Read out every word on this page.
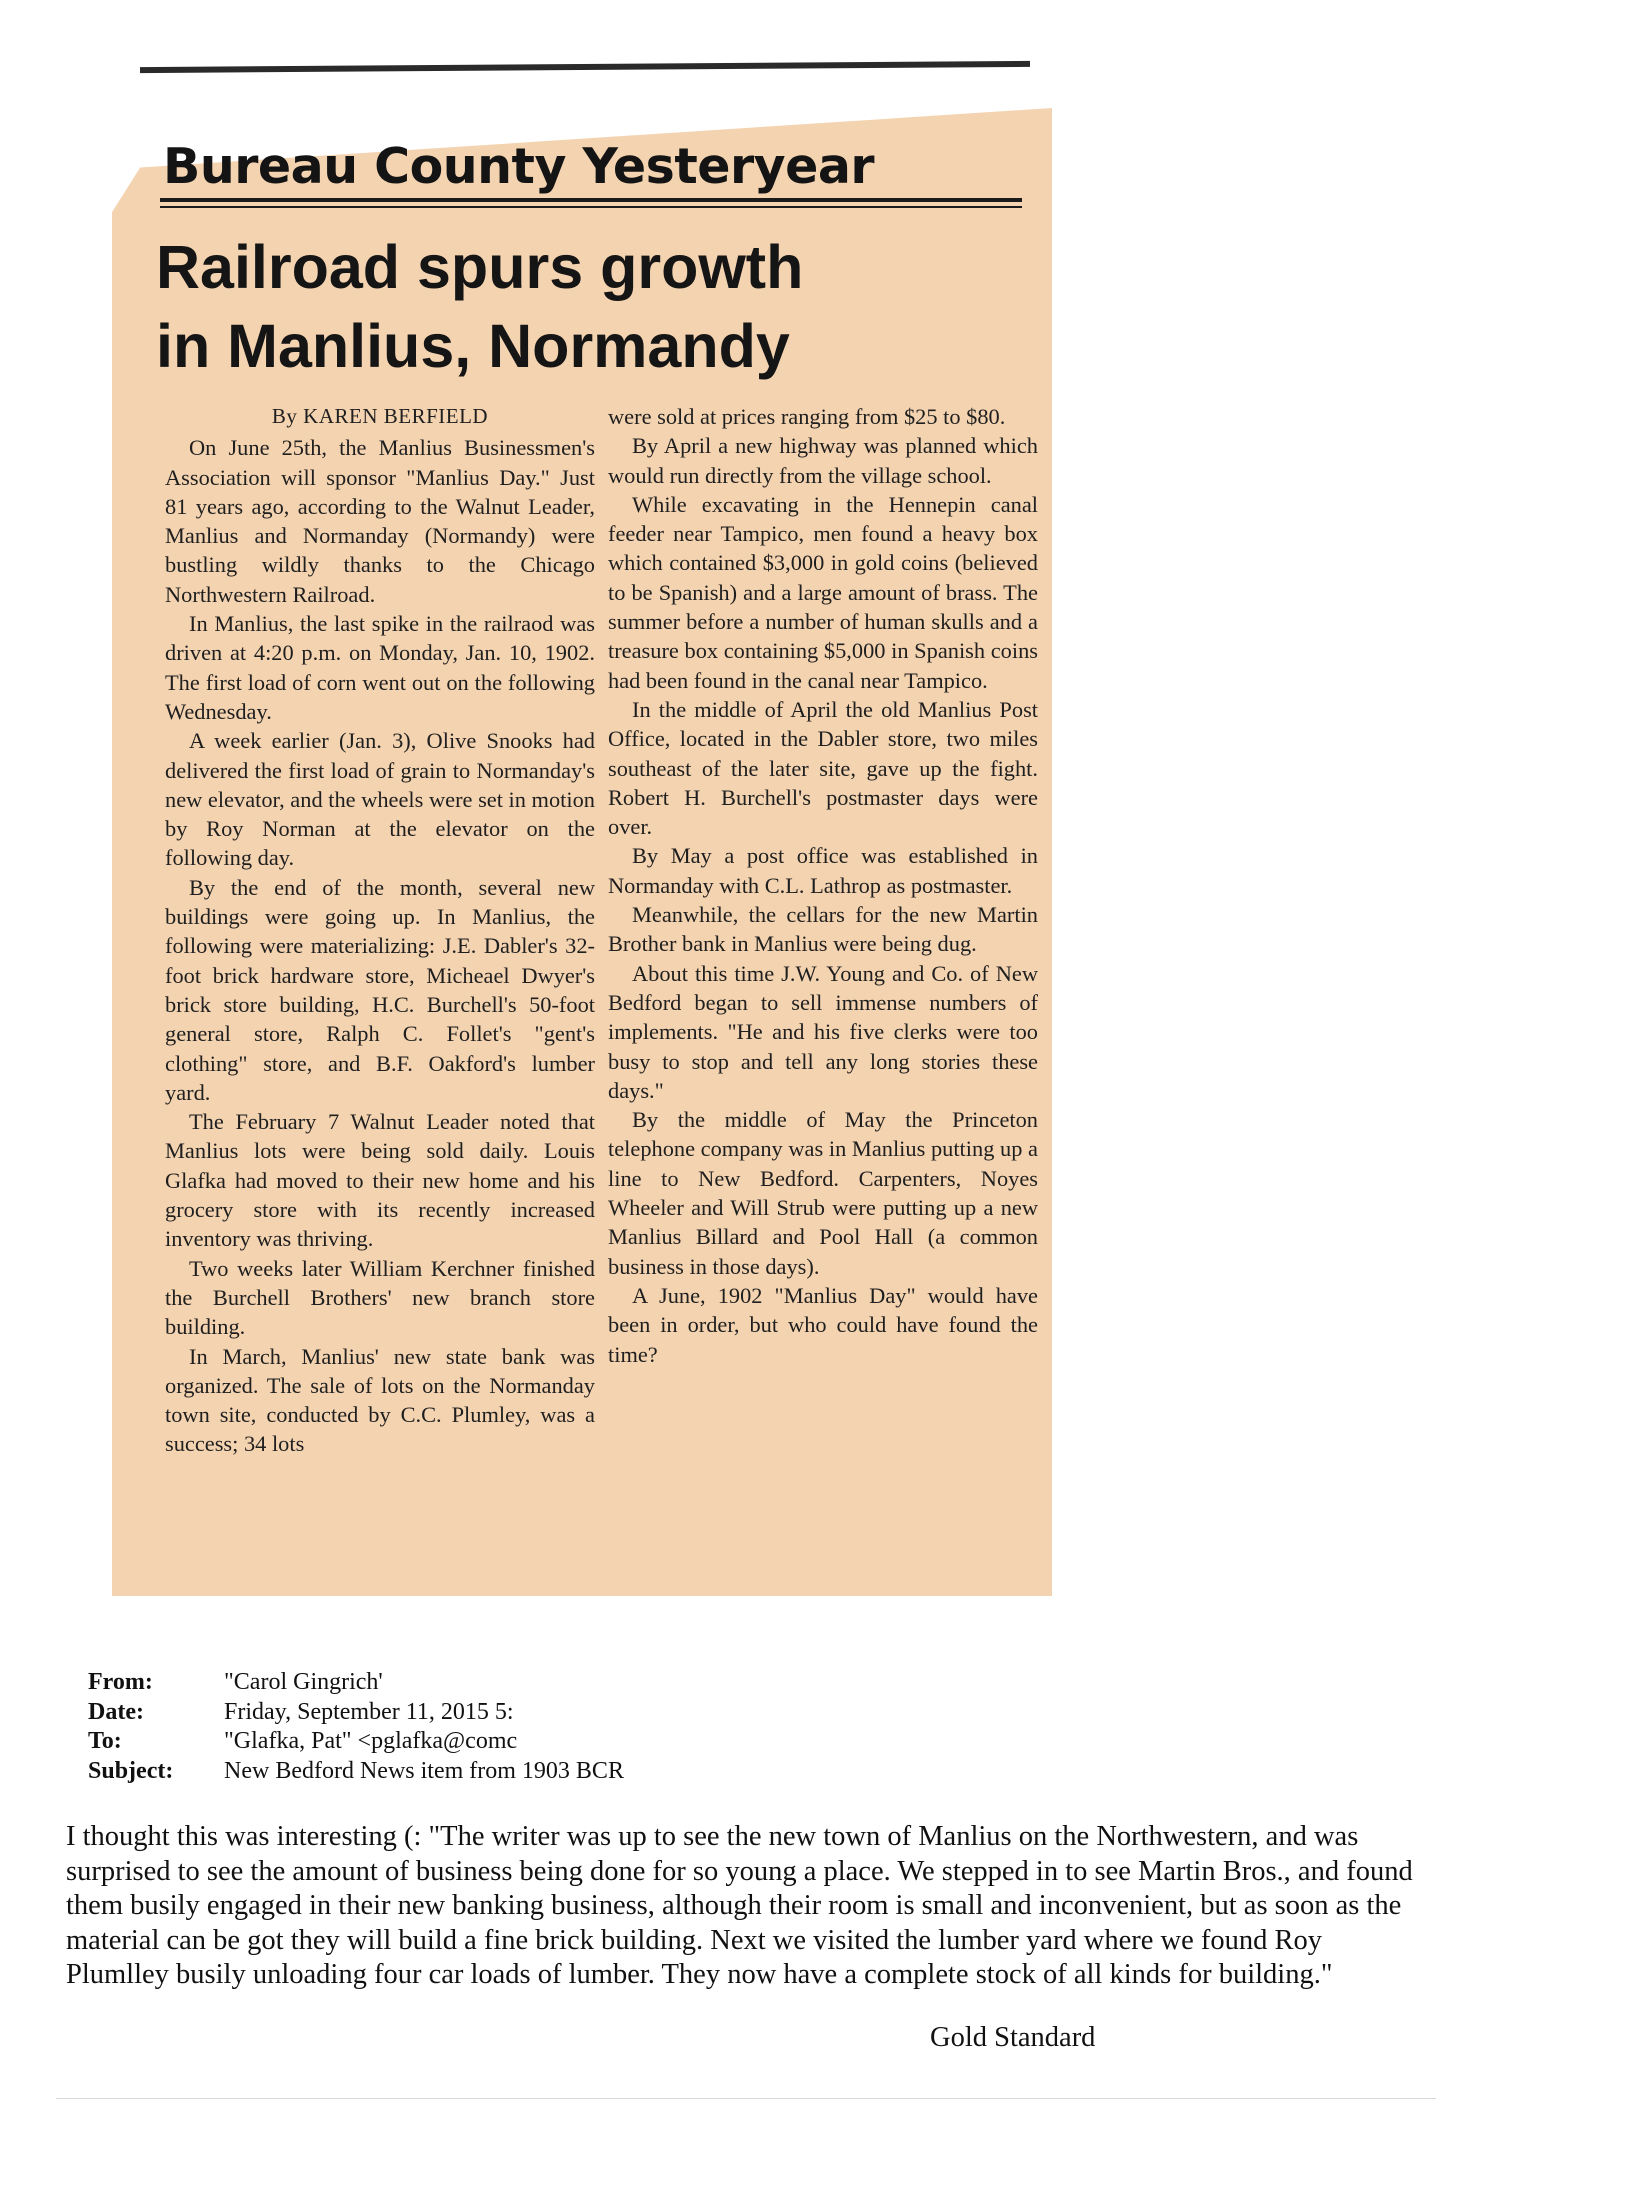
Bureau County Yesteryear
Railroad spurs growth
in Manlius, Normandy
By KAREN BERFIELD

On June 25th, the Manlius Businessmen's Association will sponsor "Manlius Day." Just 81 years ago, according to the Walnut Leader, Manlius and Normanday (Normandy) were bustling wildly thanks to the Chicago Northwestern Railroad.

In Manlius, the last spike in the railraod was driven at 4:20 p.m. on Monday, Jan. 10, 1902. The first load of corn went out on the following Wednesday.

A week earlier (Jan. 3), Olive Snooks had delivered the first load of grain to Normanday's new elevator, and the wheels were set in motion by Roy Norman at the elevator on the following day.

By the end of the month, several new buildings were going up. In Manlius, the following were materializing: J.E. Dabler's 32-foot brick hardware store, Micheael Dwyer's brick store building, H.C. Burchell's 50-foot general store, Ralph C. Follet's "gent's clothing" store, and B.F. Oakford's lumber yard.

The February 7 Walnut Leader noted that Manlius lots were being sold daily. Louis Glafka had moved to their new home and his grocery store with its recently increased inventory was thriving.

Two weeks later William Kerchner finished the Burchell Brothers' new branch store building.

In March, Manlius' new state bank was organized. The sale of lots on the Normanday town site, conducted by C.C. Plumley, was a success; 34 lots

were sold at prices ranging from $25 to $80.

By April a new highway was planned which would run directly from the village school.

While excavating in the Hennepin canal feeder near Tampico, men found a heavy box which contained $3,000 in gold coins (believed to be Spanish) and a large amount of brass. The summer before a number of human skulls and a treasure box containing $5,000 in Spanish coins had been found in the canal near Tampico.

In the middle of April the old Manlius Post Office, located in the Dabler store, two miles southeast of the later site, gave up the fight. Robert H. Burchell's postmaster days were over.

By May a post office was established in Normanday with C.L. Lathrop as postmaster.

Meanwhile, the cellars for the new Martin Brother bank in Manlius were being dug.

About this time J.W. Young and Co. of New Bedford began to sell immense numbers of implements. "He and his five clerks were too busy to stop and tell any long stories these days."

By the middle of May the Princeton telephone company was in Manlius putting up a line to New Bedford. Carpenters, Noyes Wheeler and Will Strub were putting up a new Manlius Billard and Pool Hall (a common business in those days).

A June, 1902 "Manlius Day" would have been in order, but who could have found the time?

From:	"Carol Gingrich'
Date:	Friday, September 11, 2015 5:
To:	"Glafka, Pat" <pglafka@comc
Subject:	New Bedford News item from 1903 BCR
I thought this was interesting (: "The writer was up to see the new town of Manlius on the Northwestern, and was surprised to see the amount of business being done for so young a place. We stepped in to see Martin Bros., and found them busily engaged in their new banking business, although their room is small and inconvenient, but as soon as the material can be got they will build a fine brick building. Next we visited the lumber yard where we found Roy Plumlley busily unloading four car loads of lumber. They now have a complete stock of all kinds for building."
Gold Standard
